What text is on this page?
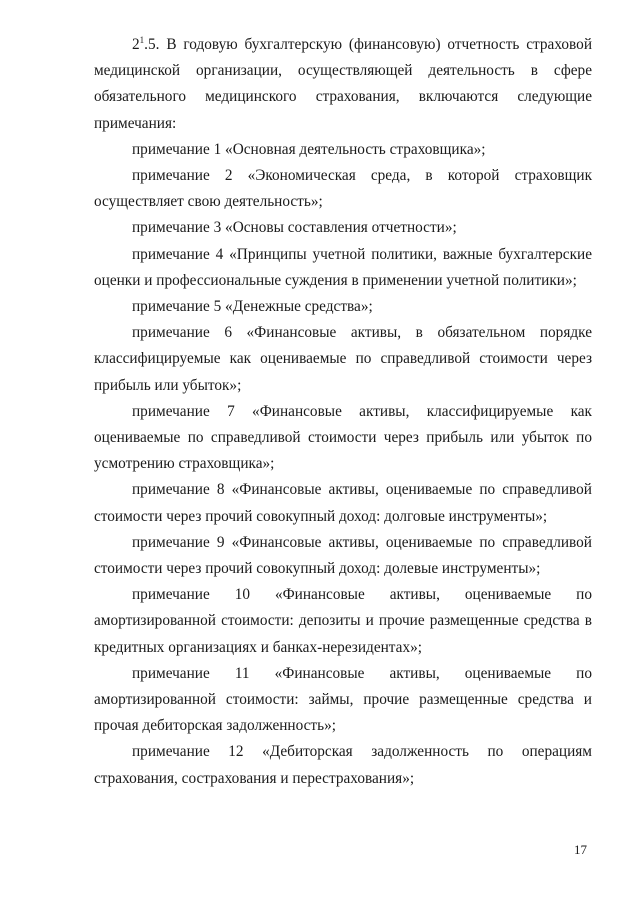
$2^1.5$. В годовую бухгалтерскую (финансовую) отчетность страховой медицинской организации, осуществляющей деятельность в сфере обязательного медицинского страхования, включаются следующие примечания:

примечание 1 «Основная деятельность страховщика»;

примечание 2 «Экономическая среда, в которой страховщик осуществляет свою деятельность»;

примечание 3 «Основы составления отчетности»;

примечание 4 «Принципы учетной политики, важные бухгалтерские оценки и профессиональные суждения в применении учетной политики»;

примечание 5 «Денежные средства»;

примечание 6 «Финансовые активы, в обязательном порядке классифицируемые как оцениваемые по справедливой стоимости через прибыль или убыток»;

примечание 7 «Финансовые активы, классифицируемые как оцениваемые по справедливой стоимости через прибыль или убыток по усмотрению страховщика»;

примечание 8 «Финансовые активы, оцениваемые по справедливой стоимости через прочий совокупный доход: долговые инструменты»;

примечание 9 «Финансовые активы, оцениваемые по справедливой стоимости через прочий совокупный доход: долевые инструменты»;

примечание 10 «Финансовые активы, оцениваемые по амортизированной стоимости: депозиты и прочие размещенные средства в кредитных организациях и банках-нерезидентах»;

примечание 11 «Финансовые активы, оцениваемые по амортизированной стоимости: займы, прочие размещенные средства и прочая дебиторская задолженность»;

примечание 12 «Дебиторская задолженность по операциям страхования, сострахования и перестрахования»;

17
